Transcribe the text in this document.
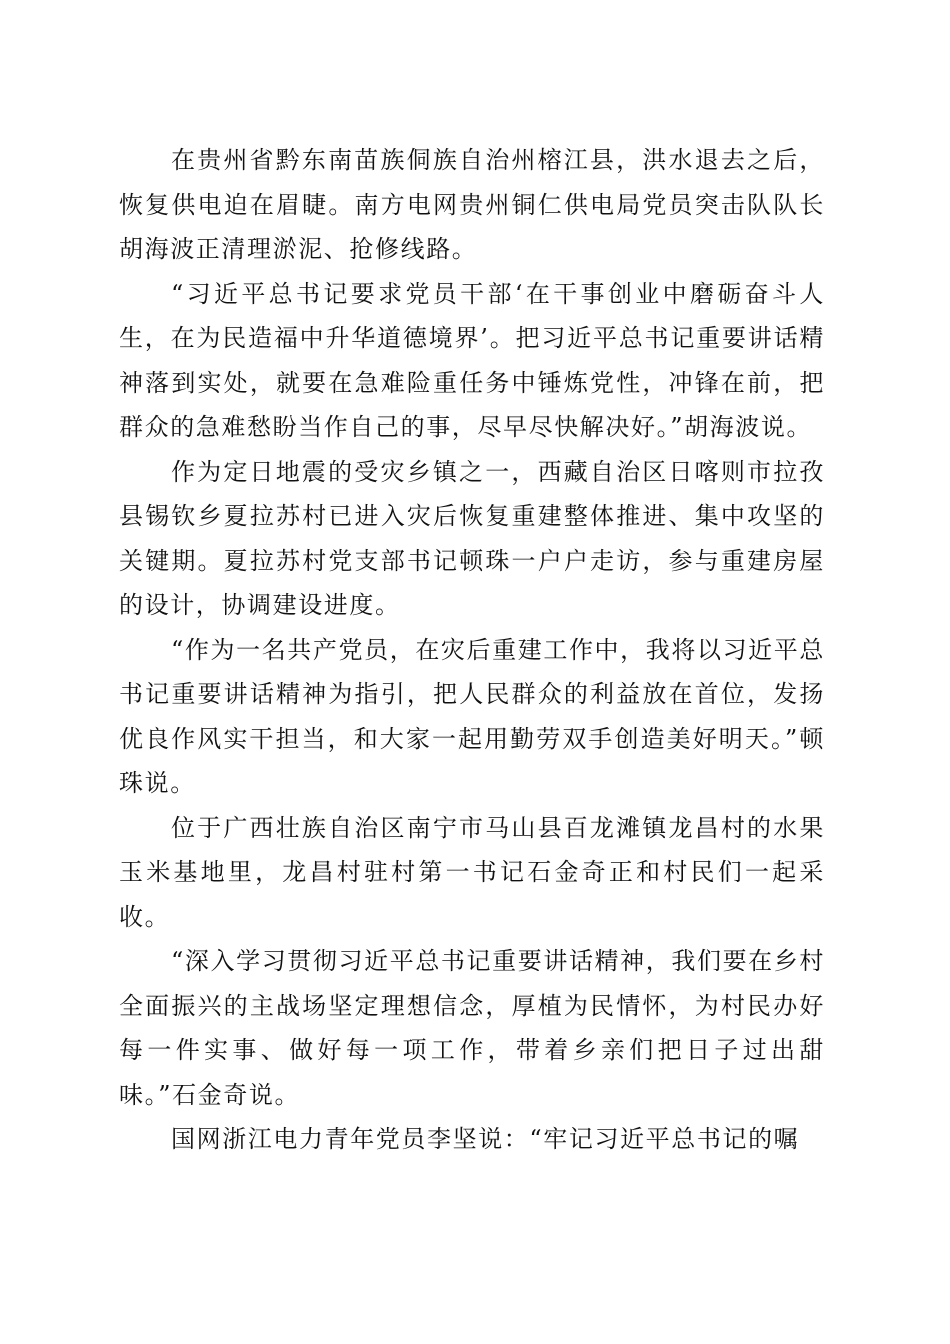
在贵州省黔东南苗族侗族自治州榕江县，洪水退去之后，恢复供电迫在眉睫。南方电网贵州铜仁供电局党员突击队队长胡海波正清理淤泥、抢修线路。

“习近平总书记要求党员干部‘在干事创业中磨砺奋斗人生，在为民造福中升华道德境界’。把习近平总书记重要讲话精神落到实处，就要在急难险重任务中锤炼党性，冲锋在前，把群众的急难愁盼当作自己的事，尽早尽快解决好。”胡海波说。

作为定日地震的受灾乡镇之一，西藏自治区日喀则市拉孜县锡钦乡夏拉苏村已进入灾后恢复重建整体推进、集中攻坚的关键期。夏拉苏村党支部书记顿珠一户户走访，参与重建房屋的设计，协调建设进度。

“作为一名共产党员，在灾后重建工作中，我将以习近平总书记重要讲话精神为指引，把人民群众的利益放在首位，发扬优良作风实干担当，和大家一起用勤劳双手创造美好明天。”顿珠说。

位于广西壮族自治区南宁市马山县百龙滩镇龙昌村的水果玉米基地里，龙昌村驻村第一书记石金奇正和村民们一起采收。

“深入学习贯彻习近平总书记重要讲话精神，我们要在乡村全面振兴的主战场坚定理想信念，厚植为民情怀，为村民办好每一件实事、做好每一项工作，带着乡亲们把日子过出甜味。”石金奇说。

国网浙江电力青年党员李坚说：“牢记习近平总书记的嘱
